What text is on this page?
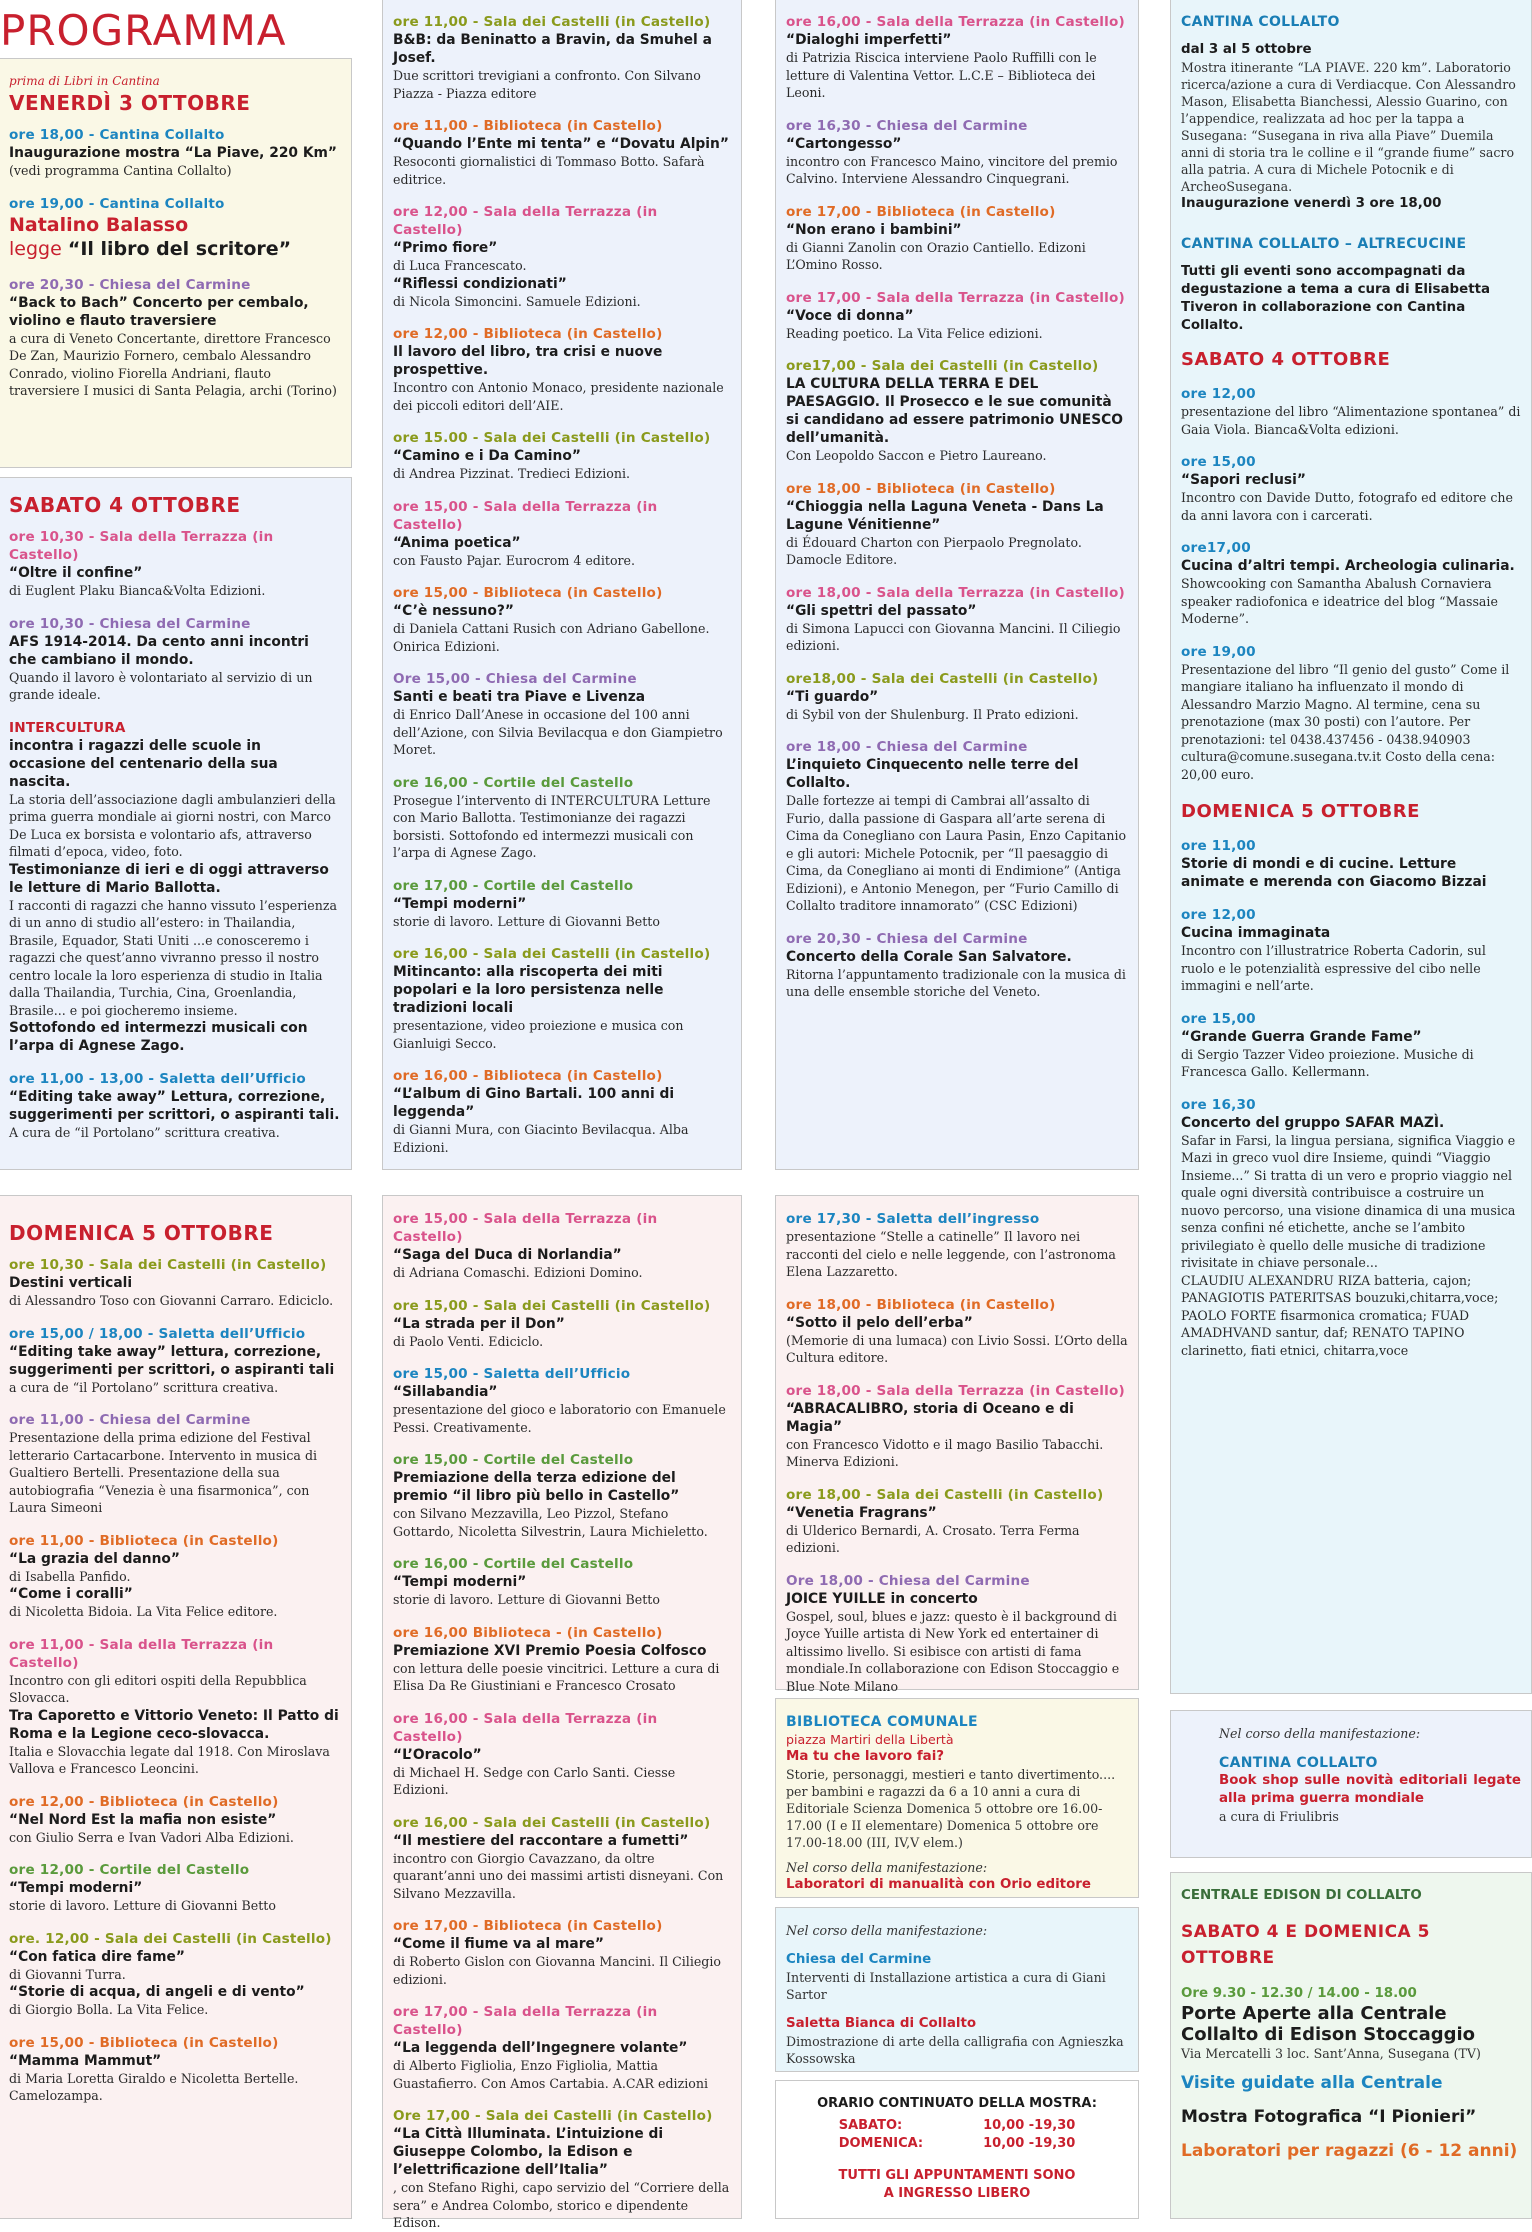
PROGRAMMA
prima di Libri in Cantina
VENERDÌ 3 OTTOBRE
ore 18,00 - Cantina Collalto
Inaugurazione mostra “La Piave, 220 Km”
(vedi programma Cantina Collalto)
ore 19,00 - Cantina Collalto
Natalino Balasso
legge “Il libro del scritore”
ore 20,30 - Chiesa del Carmine
“Back to Bach” Concerto per cembalo, violino e flauto traversiere
a cura di Veneto Concertante, direttore Francesco De Zan, Maurizio Fornero, cembalo Alessandro Conrado, violino Fiorella Andriani, flauto traversiere I musici di Santa Pelagia, archi (Torino)
SABATO 4 OTTOBRE
ore 10,30 - Sala della Terrazza (in Castello)
“Oltre il confine”
di Euglent Plaku Bianca&Volta Edizioni.
ore 10,30 - Chiesa del Carmine
AFS 1914-2014. Da cento anni incontri che cambiano il mondo.
Quando il lavoro è volontariato al servizio di un grande ideale.
INTERCULTURA
incontra i ragazzi delle scuole in occasione del centenario della sua nascita.
La storia dell’associazione dagli ambulanzieri della prima guerra mondiale ai giorni nostri, con Marco De Luca ex borsista e volontario afs, attraverso filmati d’epoca, video, foto.
Testimonianze di ieri e di oggi attraverso le letture di Mario Ballotta.
I racconti di ragazzi che hanno vissuto l’esperienza di un anno di studio all’estero: in Thailandia, Brasile, Equador, Stati Uniti ...e conosceremo i ragazzi che quest’anno vivranno presso il nostro centro locale la loro esperienza di studio in Italia dalla Thailandia, Turchia, Cina, Groenlandia, Brasile... e poi giocheremo insieme.
Sottofondo ed intermezzi musicali con l’arpa di Agnese Zago.
ore 11,00 - 13,00 - Saletta dell’Ufficio
“Editing take away” Lettura, correzione, suggerimenti per scrittori, o aspiranti tali.
A cura de “il Portolano” scrittura creativa.
DOMENICA 5 OTTOBRE
ore 10,30 - Sala dei Castelli (in Castello)
Destini verticali
di Alessandro Toso con Giovanni Carraro. Ediciclo.
ore 15,00 / 18,00 - Saletta dell’Ufficio
“Editing take away” lettura, correzione, suggerimenti per scrittori, o aspiranti tali
a cura de “il Portolano” scrittura creativa.
ore 11,00 - Chiesa del Carmine
Presentazione della prima edizione del Festival letterario Cartacarbone. Intervento in musica di Gualtiero Bertelli. Presentazione della sua autobiografia “Venezia è una fisarmonica”, con Laura Simeoni
ore 11,00 - Biblioteca (in Castello)
“La grazia del danno”
di Isabella Panfido.
“Come i coralli”
di Nicoletta Bidoia. La Vita Felice editore.
ore 11,00 - Sala della Terrazza (in Castello)
Incontro con gli editori ospiti della Repubblica Slovacca.
Tra Caporetto e Vittorio Veneto: Il Patto di Roma e la Legione ceco-slovacca.
Italia e Slovacchia legate dal 1918. Con Miroslava Vallova e Francesco Leoncini.
ore 12,00 - Biblioteca (in Castello)
“Nel Nord Est la mafia non esiste”
con Giulio Serra e Ivan Vadori Alba Edizioni.
ore 12,00 - Cortile del Castello
“Tempi moderni”
storie di lavoro. Letture di Giovanni Betto
ore. 12,00 - Sala dei Castelli (in Castello)
“Con fatica dire fame”
di Giovanni Turra.
“Storie di acqua, di angeli e di vento”
di Giorgio Bolla. La Vita Felice.
ore 15,00 - Biblioteca (in Castello)
“Mamma Mammut”
di Maria Loretta Giraldo e Nicoletta Bertelle. Camelozampa.
ore 11,00 - Sala dei Castelli (in Castello)
B&B: da Beninatto a Bravin, da Smuhel a Josef.
Due scrittori trevigiani a confronto. Con Silvano Piazza - Piazza editore
ore 11,00 - Biblioteca (in Castello)
“Quando l’Ente mi tenta” e “Dovatu Alpin”
Resoconti giornalistici di Tommaso Botto. Safarà editrice.
ore 12,00 - Sala della Terrazza (in Castello)
“Primo fiore”
di Luca Francescato.
“Riflessi condizionati”
di Nicola Simoncini. Samuele Edizioni.
ore 12,00 - Biblioteca (in Castello)
Il lavoro del libro, tra crisi e nuove prospettive.
Incontro con Antonio Monaco, presidente nazionale dei piccoli editori dell’AIE.
ore 15.00 - Sala dei Castelli (in Castello)
“Camino e i Da Camino”
di Andrea Pizzinat. Tredieci Edizioni.
ore 15,00 - Sala della Terrazza (in Castello)
“Anima poetica”
con Fausto Pajar. Eurocrom 4 editore.
ore 15,00 - Biblioteca (in Castello)
“C’è nessuno?”
di Daniela Cattani Rusich con Adriano Gabellone. Onirica Edizioni.
Ore 15,00 - Chiesa del Carmine
Santi e beati tra Piave e Livenza
di Enrico Dall’Anese in occasione del 100 anni dell’Azione, con Silvia Bevilacqua e don Giampietro Moret.
ore 16,00 - Cortile del Castello
Prosegue l’intervento di INTERCULTURA Letture con Mario Ballotta. Testimonianze dei ragazzi borsisti. Sottofondo ed intermezzi musicali con l’arpa di Agnese Zago.
ore 17,00 - Cortile del Castello
“Tempi moderni”
storie di lavoro. Letture di Giovanni Betto
ore 16,00 - Sala dei Castelli (in Castello)
Mitincanto: alla riscoperta dei miti popolari e la loro persistenza nelle tradizioni locali
presentazione, video proiezione e musica con Gianluigi Secco.
ore 16,00 - Biblioteca (in Castello)
“L’album di Gino Bartali. 100 anni di leggenda”
di Gianni Mura, con Giacinto Bevilacqua. Alba Edizioni.
ore 15,00 - Sala della Terrazza (in Castello)
“Saga del Duca di Norlandia”
di Adriana Comaschi. Edizioni Domino.
ore 15,00 - Sala dei Castelli (in Castello)
“La strada per il Don”
di Paolo Venti. Ediciclo.
ore 15,00 - Saletta dell’Ufficio
“Sillabandia”
presentazione del gioco e laboratorio con Emanuele Pessi. Creativamente.
ore 15,00 - Cortile del Castello
Premiazione della terza edizione del premio “il libro più bello in Castello”
con Silvano Mezzavilla, Leo Pizzol, Stefano Gottardo, Nicoletta Silvestrin, Laura Michieletto.
ore 16,00 - Cortile del Castello
“Tempi moderni”
storie di lavoro. Letture di Giovanni Betto
ore 16,00 Biblioteca - (in Castello)
Premiazione XVI Premio Poesia Colfosco
con lettura delle poesie vincitrici. Letture a cura di Elisa Da Re Giustiniani e Francesco Crosato
ore 16,00 - Sala della Terrazza (in Castello)
“L’Oracolo”
di Michael H. Sedge con Carlo Santi. Ciesse Edizioni.
ore 16,00 - Sala dei Castelli (in Castello)
“Il mestiere del raccontare a fumetti”
incontro con Giorgio Cavazzano, da oltre quarant’anni uno dei massimi artisti disneyani. Con Silvano Mezzavilla.
ore 17,00 - Biblioteca (in Castello)
“Come il fiume va al mare”
di Roberto Gislon con Giovanna Mancini. Il Ciliegio edizioni.
ore 17,00 - Sala della Terrazza (in Castello)
“La leggenda dell’Ingegnere volante”
di Alberto Figliolia, Enzo Figliolia, Mattia Guastafierro. Con Amos Cartabia. A.CAR edizioni
Ore 17,00 - Sala dei Castelli (in Castello)
“La Città Illuminata. L’intuizione di Giuseppe Colombo, la Edison e l’elettrificazione dell’Italia”
, con Stefano Righi, capo servizio del “Corriere della sera” e Andrea Colombo, storico e dipendente Edison.
ore 16,00 - Sala della Terrazza (in Castello)
“Dialoghi imperfetti”
di Patrizia Riscica interviene Paolo Ruffilli con le letture di Valentina Vettor. L.C.E – Biblioteca dei Leoni.
ore 16,30 - Chiesa del Carmine
“Cartongesso”
incontro con Francesco Maino, vincitore del premio Calvino. Interviene Alessandro Cinquegrani.
ore 17,00 - Biblioteca (in Castello)
“Non erano i bambini”
di Gianni Zanolin con Orazio Cantiello. Edizoni L’Omino Rosso.
ore 17,00 - Sala della Terrazza (in Castello)
“Voce di donna”
Reading poetico. La Vita Felice edizioni.
ore17,00 - Sala dei Castelli (in Castello)
LA CULTURA DELLA TERRA E DEL PAESAGGIO. Il Prosecco e le sue comunità si candidano ad essere patrimonio UNESCO dell’umanità.
Con Leopoldo Saccon e Pietro Laureano.
ore 18,00 - Biblioteca (in Castello)
“Chioggia nella Laguna Veneta - Dans La Lagune Vénitienne”
di Édouard Charton con Pierpaolo Pregnolato. Damocle Editore.
ore 18,00 - Sala della Terrazza (in Castello)
“Gli spettri del passato”
di Simona Lapucci con Giovanna Mancini. Il Ciliegio edizioni.
ore18,00 - Sala dei Castelli (in Castello)
“Ti guardo”
di Sybil von der Shulenburg. Il Prato edizioni.
ore 18,00 - Chiesa del Carmine
L’inquieto Cinquecento nelle terre del Collalto.
Dalle fortezze ai tempi di Cambrai all’assalto di Furio, dalla passione di Gaspara all’arte serena di Cima da Conegliano con Laura Pasin, Enzo Capitanio e gli autori: Michele Potocnik, per “Il paesaggio di Cima, da Conegliano ai monti di Endimione” (Antiga Edizioni), e Antonio Menegon, per “Furio Camillo di Collalto traditore innamorato” (CSC Edizioni)
ore 20,30 - Chiesa del Carmine
Concerto della Corale San Salvatore.
Ritorna l’appuntamento tradizionale con la musica di una delle ensemble storiche del Veneto.
ore 17,30 - Saletta dell’ingresso
presentazione “Stelle a catinelle” Il lavoro nei racconti del cielo e nelle leggende, con l’astronoma Elena Lazzaretto.
ore 18,00 - Biblioteca (in Castello)
“Sotto il pelo dell’erba”
(Memorie di una lumaca) con Livio Sossi. L’Orto della Cultura editore.
ore 18,00 - Sala della Terrazza (in Castello)
“ABRACALIBRO, storia di Oceano e di Magia”
con Francesco Vidotto e il mago Basilio Tabacchi. Minerva Edizioni.
ore 18,00 - Sala dei Castelli (in Castello)
“Venetia Fragrans”
di Ulderico Bernardi, A. Crosato. Terra Ferma edizioni.
Ore 18,00 - Chiesa del Carmine
JOICE YUILLE in concerto
Gospel, soul, blues e jazz: questo è il background di Joyce Yuille artista di New York ed entertainer di altissimo livello. Si esibisce con artisti di fama mondiale.In collaborazione con Edison Stoccaggio e Blue Note Milano
BIBLIOTECA COMUNALE
piazza Martiri della Libertà
Ma tu che lavoro fai?
Storie, personaggi, mestieri e tanto divertimento.... per bambini e ragazzi da 6 a 10 anni a cura di Editoriale Scienza Domenica 5 ottobre ore 16.00-17.00 (I e II elementare) Domenica 5 ottobre ore 17.00-18.00 (III, IV,V elem.)
Nel corso della manifestazione:
Laboratori di manualità con Orio editore
Nel corso della manifestazione:
Chiesa del Carmine
Interventi di Installazione artistica a cura di Giani Sartor
Saletta Bianca di Collalto
Dimostrazione di arte della calligrafia con Agnieszka Kossowska
ORARIO CONTINUATO DELLA MOSTRA:
SABATO:
DOMENICA:
10,00 -19,30
10,00 -19,30
TUTTI GLI APPUNTAMENTI SONO A INGRESSO LIBERO
CANTINA COLLALTO
dal 3 al 5 ottobre
Mostra itinerante “LA PIAVE. 220 km”. Laboratorio ricerca/azione a cura di Verdiacque. Con Alessandro Mason, Elisabetta Bianchessi, Alessio Guarino, con l’appendice, realizzata ad hoc per la tappa a Susegana: “Susegana in riva alla Piave” Duemila anni di storia tra le colline e il “grande fiume” sacro alla patria. A cura di Michele Potocnik e di ArcheoSusegana.
Inaugurazione venerdì 3 ore 18,00
CANTINA COLLALTO – ALTRECUCINE
Tutti gli eventi sono accompagnati da degustazione a tema a cura di Elisabetta Tiveron in collaborazione con Cantina Collalto.
SABATO 4 OTTOBRE
ore 12,00
presentazione del libro “Alimentazione spontanea” di Gaia Viola. Bianca&Volta edizioni.
ore 15,00
“Sapori reclusi”
Incontro con Davide Dutto, fotografo ed editore che da anni lavora con i carcerati.
ore17,00
Cucina d’altri tempi. Archeologia culinaria.
Showcooking con Samantha Abalush Cornaviera speaker radiofonica e ideatrice del blog “Massaie Moderne”.
ore 19,00
Presentazione del libro “Il genio del gusto” Come il mangiare italiano ha influenzato il mondo di Alessandro Marzio Magno. Al termine, cena su prenotazione (max 30 posti) con l’autore. Per prenotazioni: tel 0438.437456 - 0438.940903 cultura@comune.susegana.tv.it Costo della cena: 20,00 euro.
DOMENICA 5 OTTOBRE
ore 11,00
Storie di mondi e di cucine. Letture animate e merenda con Giacomo Bizzai
ore 12,00
Cucina immaginata
Incontro con l’illustratrice Roberta Cadorin, sul ruolo e le potenzialità espressive del cibo nelle immagini e nell’arte.
ore 15,00
“Grande Guerra Grande Fame”
di Sergio Tazzer Video proiezione. Musiche di Francesca Gallo. Kellermann.
ore 16,30
Concerto del gruppo SAFAR MAZÌ.
Safar in Farsi, la lingua persiana, significa Viaggio e Mazi in greco vuol dire Insieme, quindi “Viaggio Insieme...” Si tratta di un vero e proprio viaggio nel quale ogni diversità contribuisce a costruire un nuovo percorso, una visione dinamica di una musica senza confini né etichette, anche se l’ambito privilegiato è quello delle musiche di tradizione rivisitate in chiave personale...
CLAUDIU ALEXANDRU RIZA batteria, cajon; PANAGIOTIS PATERITSAS bouzuki,chitarra,voce; PAOLO FORTE fisarmonica cromatica; FUAD AMADHVAND santur, daf; RENATO TAPINO clarinetto, fiati etnici, chitarra,voce
Nel corso della manifestazione:
CANTINA COLLALTO
Book shop sulle novità editoriali legate alla prima guerra mondiale
a cura di Friulibris
CENTRALE EDISON DI COLLALTO
SABATO 4 E DOMENICA 5 OTTOBRE
Ore 9.30 - 12.30 / 14.00 - 18.00
Porte Aperte alla Centrale Collalto di Edison Stoccaggio
Via Mercatelli 3 loc. Sant’Anna, Susegana (TV)
Visite guidate alla Centrale
Mostra Fotografica “I Pionieri”
Laboratori per ragazzi (6 - 12 anni)
